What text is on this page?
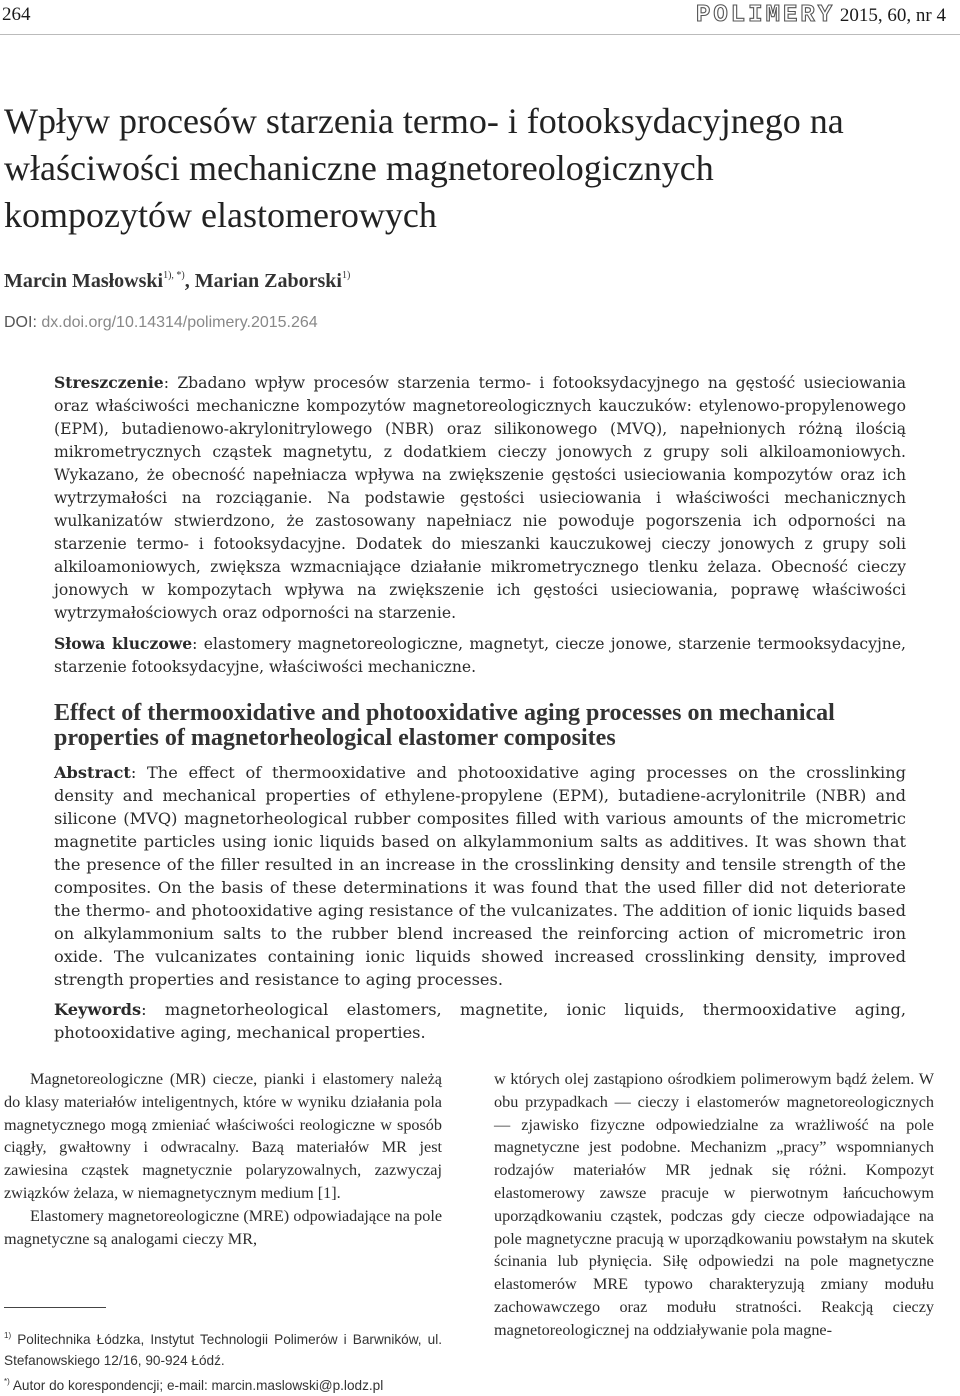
264	POLIMERY 2015, 60, nr 4
Wpływ procesów starzenia termo- i fotooksydacyjnego na właściwości mechaniczne magnetoreologicznych kompozytów elastomerowych
Marcin Masłowski$^{1), *)}$, Marian Zaborski$^{1)}$
DOI: dx.doi.org/10.14314/polimery.2015.264

Streszczenie: Zbadano wpływ procesów starzenia termo- i fotooksydacyjnego na gęstość usieciowania oraz właściwości mechaniczne kompozytów magnetoreologicznych kauczuków: etylenowo-propylenowego (EPM), butadienowo-akrylonitrylowego (NBR) oraz silikonowego (MVQ), napełnionych różną ilością mikrometrycznych cząstek magnetytu, z dodatkiem cieczy jonowych z grupy soli alkiloamoniowych. Wykazano, że obecność napełniacza wpływa na zwiększenie gęstości usieciowania kompozytów oraz ich wytrzymałości na rozciąganie. Na podstawie gęstości usieciowania i właściwości mechanicznych wulkanizatów stwierdzono, że zastosowany napełniacz nie powoduje pogorszenia ich odporności na starzenie termo- i fotooksydacyjne. Dodatek do mieszanki kauczukowej cieczy jonowych z grupy soli alkiloamoniowych, zwiększa wzmacniające działanie mikrometrycznego tlenku żelaza. Obecność cieczy jonowych w kompozytach wpływa na zwiększenie ich gęstości usieciowania, poprawę właściwości wytrzymałościowych oraz odporności na starzenie.

Słowa kluczowe: elastomery magnetoreologiczne, magnetyt, ciecze jonowe, starzenie termooksydacyjne, starzenie fotooksydacyjne, właściwości mechaniczne.

Effect of thermooxidative and photooxidative aging processes on mechanical properties of magnetorheological elastomer composites

Abstract: The effect of thermooxidative and photooxidative aging processes on the crosslinking density and mechanical properties of ethylene-propylene (EPM), butadiene-acrylonitrile (NBR) and silicone (MVQ) magnetorheological rubber composites filled with various amounts of the micrometric magnetite particles using ionic liquids based on alkylammonium salts as additives. It was shown that the presence of the filler resulted in an increase in the crosslinking density and tensile strength of the composites. On the basis of these determinations it was found that the used filler did not deteriorate the thermo- and photooxidative aging resistance of the vulcanizates. The addition of ionic liquids based on alkylammonium salts to the rubber blend increased the reinforcing action of micrometric iron oxide. The vulcanizates containing ionic liquids showed increased crosslinking density, improved strength properties and resistance to aging processes.

Keywords: magnetorheological elastomers, magnetite, ionic liquids, thermooxidative aging, photooxidative aging, mechanical properties.

Magnetoreologiczne (MR) ciecze, pianki i elastomery należą do klasy materiałów inteligentnych, które w wyniku działania pola magnetycznego mogą zmieniać właściwości reologiczne w sposób ciągły, gwałtowny i odwracalny. Bazą materiałów MR jest zawiesina cząstek magnetycznie polaryzowalnych, zazwyczaj związków żelaza, w niemagnetycznym medium [1].

Elastomery magnetoreologiczne (MRE) odpowiadające na pole magnetyczne są analogami cieczy MR,

w których olej zastąpiono ośrodkiem polimerowym bądź żelem. W obu przypadkach — cieczy i elastomerów magnetoreologicznych — zjawisko fizyczne odpowiedzialne za wrażliwość na pole magnetyczne jest podobne. Mechanizm „pracy” wspomnianych rodzajów materiałów MR jednak się różni. Kompozyt elastomerowy zawsze pracuje w pierwotnym łańcuchowym uporządkowaniu cząstek, podczas gdy ciecze odpowiadające na pole magnetyczne pracują w uporządkowaniu powstałym na skutek ścinania lub płynięcia. Siłę odpowiedzi na pole magnetyczne elastomerów MRE typowo charakteryzują zmiany modułu zachowawczego oraz modułu stratności. Reakcją cieczy magnetoreologicznej na oddziaływanie pola magne-

$^{1)}$ Politechnika Łódzka, Instytut Technologii Polimerów i Barwników, ul. Stefanowskiego 12/16, 90-924 Łódź.

*) Autor do korespondencji; e-mail: marcin.maslowski@p.lodz.pl
